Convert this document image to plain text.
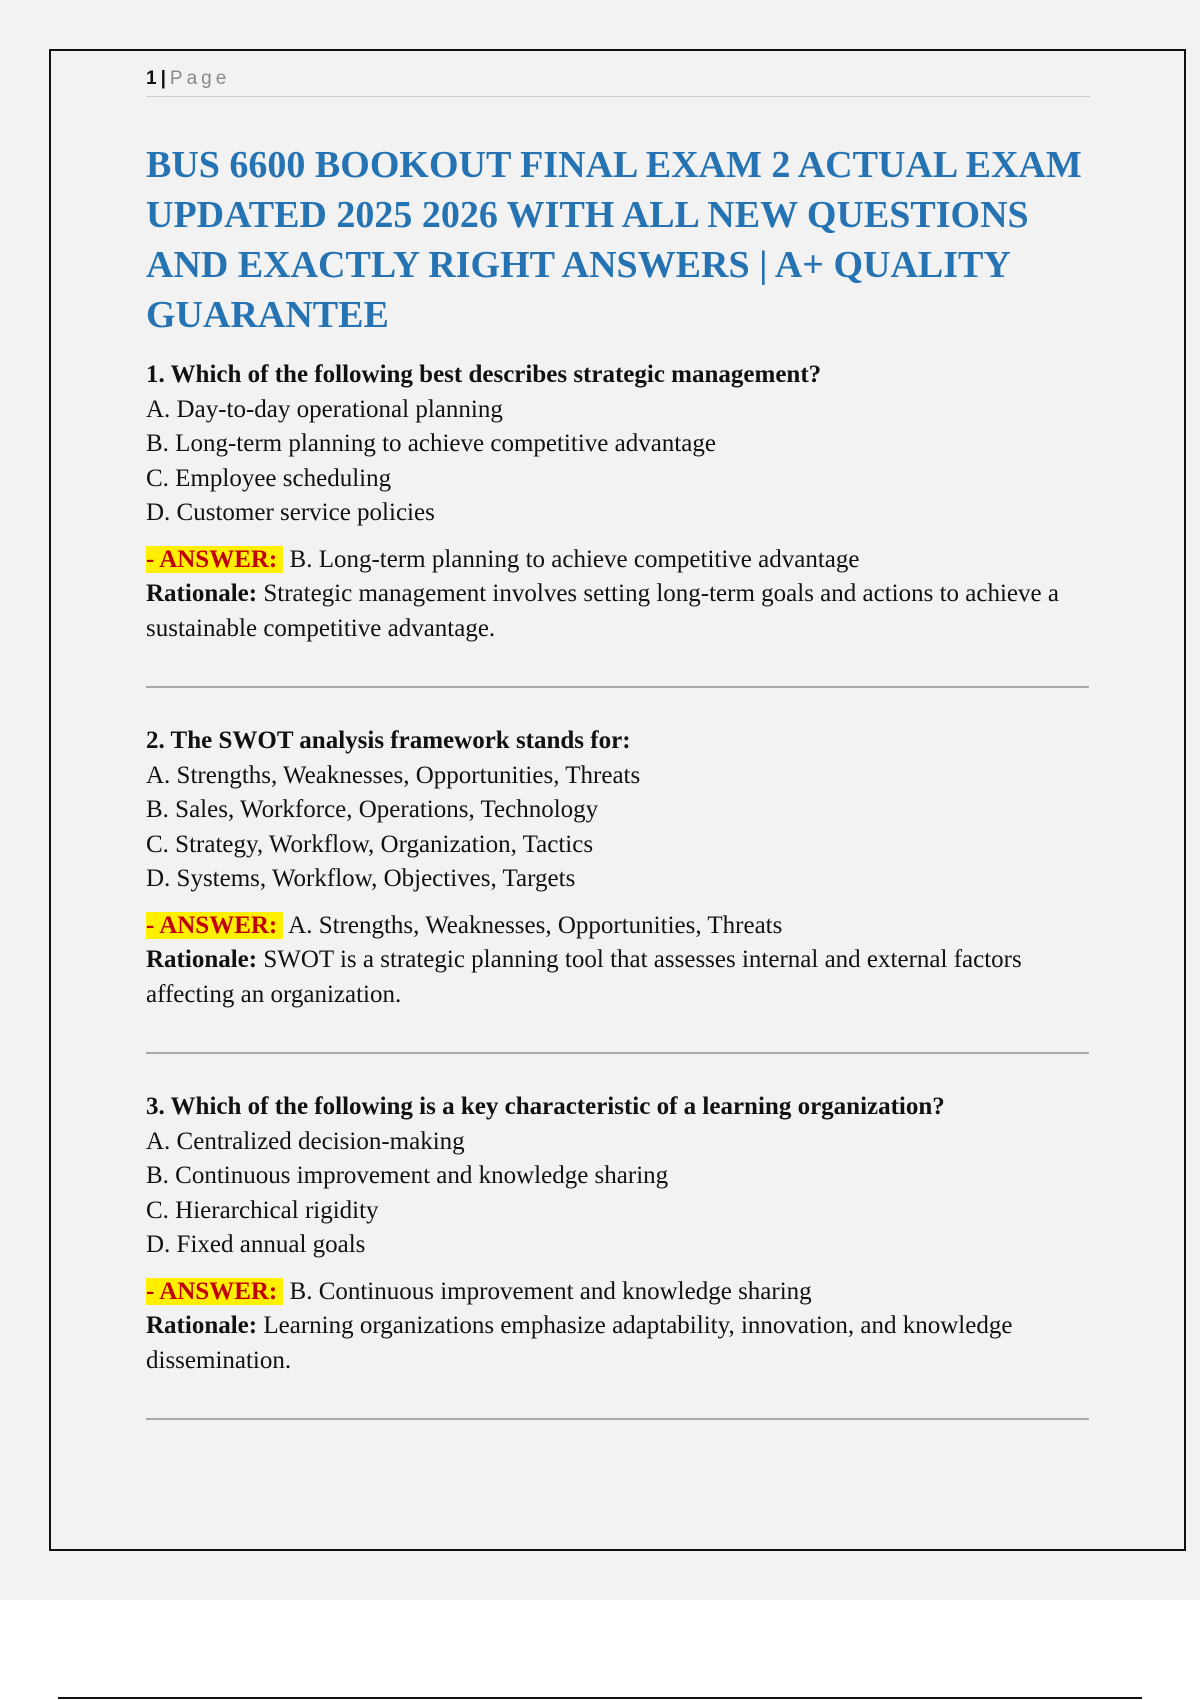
1 | Page
BUS 6600 BOOKOUT FINAL EXAM 2 ACTUAL EXAM UPDATED 2025 2026 WITH ALL NEW QUESTIONS AND EXACTLY RIGHT ANSWERS | A+ QUALITY GUARANTEE

1. Which of the following best describes strategic management?

A. Day-to-day operational planning

B. Long-term planning to achieve competitive advantage

C. Employee scheduling

D. Customer service policies

- ANSWER: B. Long-term planning to achieve competitive advantage

Rationale: Strategic management involves setting long-term goals and actions to achieve a sustainable competitive advantage.

2. The SWOT analysis framework stands for:

A. Strengths, Weaknesses, Opportunities, Threats

B. Sales, Workforce, Operations, Technology

C. Strategy, Workflow, Organization, Tactics

D. Systems, Workflow, Objectives, Targets

- ANSWER: A. Strengths, Weaknesses, Opportunities, Threats

Rationale: SWOT is a strategic planning tool that assesses internal and external factors affecting an organization.

3. Which of the following is a key characteristic of a learning organization?

A. Centralized decision-making

B. Continuous improvement and knowledge sharing

C. Hierarchical rigidity

D. Fixed annual goals

- ANSWER: B. Continuous improvement and knowledge sharing

Rationale: Learning organizations emphasize adaptability, innovation, and knowledge dissemination.
